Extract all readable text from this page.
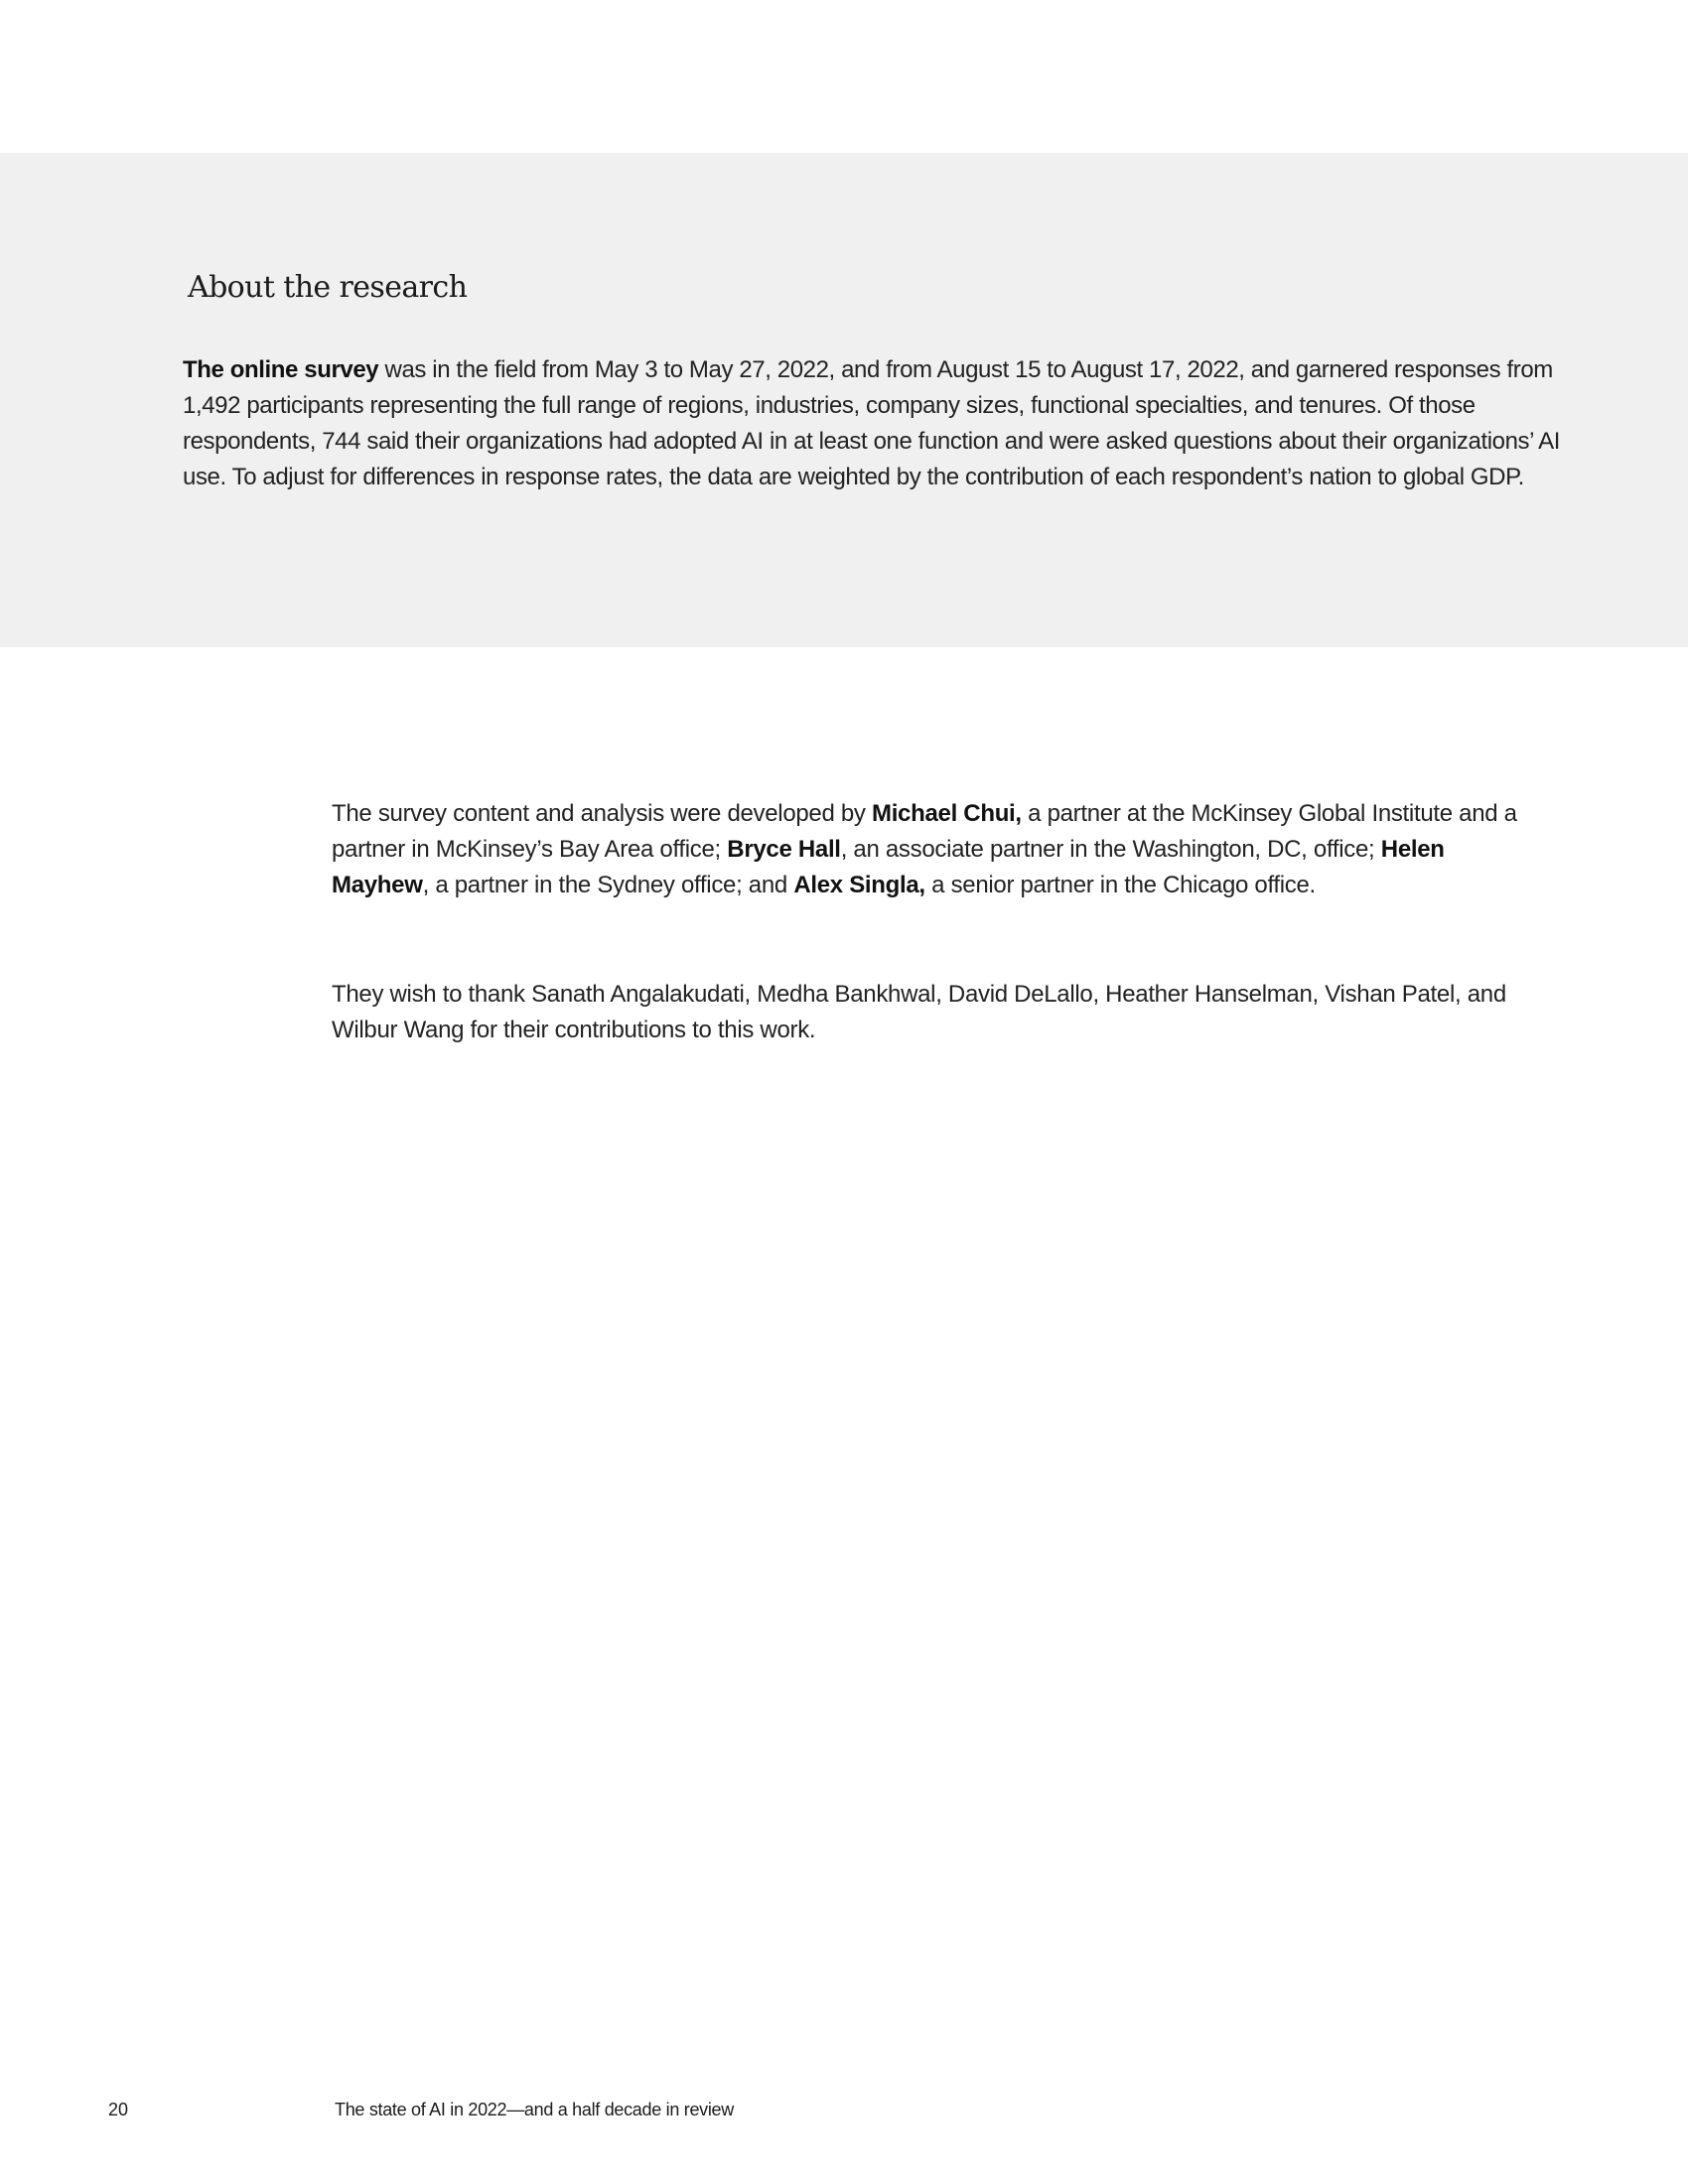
About the research

The online survey was in the field from May 3 to May 27, 2022, and from August 15 to August 17, 2022, and garnered responses from 1,492 participants representing the full range of regions, industries, company sizes, functional specialties, and tenures. Of those respondents, 744 said their organizations had adopted AI in at least one function and were asked questions about their organizations’ AI use. To adjust for differences in response rates, the data are weighted by the contribution of each respondent’s nation to global GDP.

The survey content and analysis were developed by Michael Chui, a partner at the McKinsey Global Institute and a partner in McKinsey’s Bay Area office; Bryce Hall, an associate partner in the Washington, DC, office; Helen Mayhew, a partner in the Sydney office; and Alex Singla, a senior partner in the Chicago office.

They wish to thank Sanath Angalakudati, Medha Bankhwal, David DeLallo, Heather Hanselman, Vishan Patel, and Wilbur Wang for their contributions to this work.

20	The state of AI in 2022—and a half decade in review
